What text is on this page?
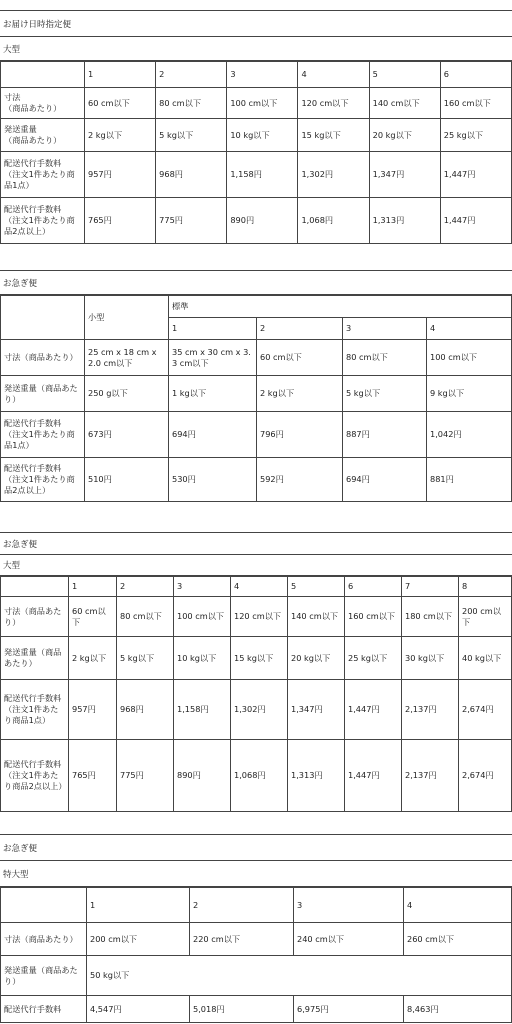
お届け日時指定便
大型
	1	2	3	4	5	6
寸法
（商品あたり）	60 cm以下	80 cm以下	100 cm以下	120 cm以下	140 cm以下	160 cm以下
発送重量
（商品あたり）	2 kg以下	5 kg以下	10 kg以下	15 kg以下	20 kg以下	25 kg以下
配送代行手数料
（注文1件あたり商品1点）	957円	968円	1,158円	1,302円	1,347円	1,447円
配送代行手数料
（注文1件あたり商品2点以上）	765円	775円	890円	1,068円	1,313円	1,447円
お急ぎ便
	小型	標準			
		1	2	3	4
寸法（商品あたり）	25 cm x 18 cm x 2.0 cm以下	35 cm x 30 cm x 3.3 cm以下	60 cm以下	80 cm以下	100 cm以下
発送重量（商品あたり）	250 g以下	1 kg以下	2 kg以下	5 kg以下	9 kg以下
配送代行手数料
（注文1件あたり商品1点）	673円	694円	796円	887円	1,042円
配送代行手数料
（注文1件あたり商品2点以上）	510円	530円	592円	694円	881円
お急ぎ便
大型
	1	2	3	4	5	6	7	8
寸法（商品あたり）	60 cm以下	80 cm以下	100 cm以下	120 cm以下	140 cm以下	160 cm以下	180 cm以下	200 cm以下
発送重量（商品あたり）	2 kg以下	5 kg以下	10 kg以下	15 kg以下	20 kg以下	25 kg以下	30 kg以下	40 kg以下
配送代行手数料（注文1件あたり商品1点）	957円	968円	1,158円	1,302円	1,347円	1,447円	2,137円	2,674円
配送代行手数料（注文1件あたり商品2点以上）	765円	775円	890円	1,068円	1,313円	1,447円	2,137円	2,674円
お急ぎ便
特大型
	1	2	3	4
寸法（商品あたり）	200 cm以下	220 cm以下	240 cm以下	260 cm以下
発送重量（商品あたり）	50 kg以下			
配送代行手数料	4,547円	5,018円	6,975円	8,463円
